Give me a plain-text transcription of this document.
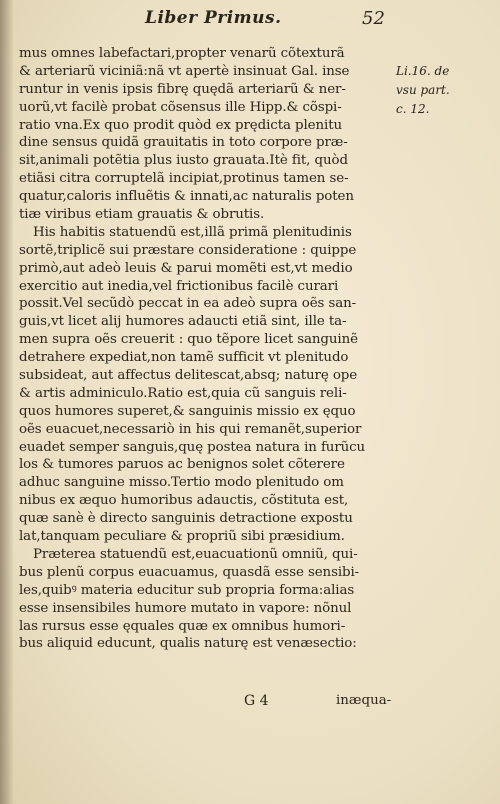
Liber Primus.	52
mus omnes labefactari,propter venarũ cõtexturã
& arteriarũ viciniã:nã vt apertè insinuat Gal. inse
runtur in venis ipsis fibrę quędã arteriarũ & ner-
uorũ,vt facilè probat cõsensus ille Hipp.& cõspi-
ratio vna.Ex quo prodit quòd ex prędicta plenitu
dine sensus quidã grauitatis in toto corpore præ-
sit,animali potẽtia plus iusto grauata.Itè fit, quòd
etiãsi citra corruptelã incipiat,protinus tamen se-
quatur,caloris influẽtis & innati,ac naturalis poten
tiæ viribus etiam grauatis & obrutis.
His habitis statuendũ est,illã primã plenitudinis
sortẽ,triplicẽ sui præstare consideratione : quippe
primò,aut adeò leuis & parui momẽti est,vt medio
exercitio aut inedia,vel frictionibus facilè curari
possit.Vel secũdò peccat in ea adeò supra oẽs san-
guis,vt licet alij humores adaucti etiã sint, ille ta-
men supra oẽs creuerit : quo tẽpore licet sanguinẽ
detrahere expediat,non tamẽ sufficit vt plenitudo
subsideat, aut affectus delitescat,absq; naturę ope
& artis adminiculo.Ratio est,quia cũ sanguis reli-
quos humores superet,& sanguinis missio ex ęquo
oẽs euacuet,necessariò in his qui remanẽt,superior
euadet semper sanguis,quę postea natura in furũcu
los & tumores paruos ac benignos solet cõterere
adhuc sanguine misso.Tertio modo plenitudo om
nibus ex æquo humoribus adauctis, cõstituta est,
quæ sanè è directo sanguinis detractione expostu
lat,tanquam peculiare & propriũ sibi præsidium.
Præterea statuendũ est,euacuationũ omniũ, qui-
bus plenũ corpus euacuamus, quasdã esse sensibi-
les,quibꝰ materia educitur sub propria forma:alias
esse insensibiles humore mutato in vapore: nõnul
las rursus esse ęquales quæ ex omnibus humori-
bus aliquid educunt, qualis naturę est venæsectio:
Li.16. de
vsu part.
c. 12.
G 4	inæqua-
